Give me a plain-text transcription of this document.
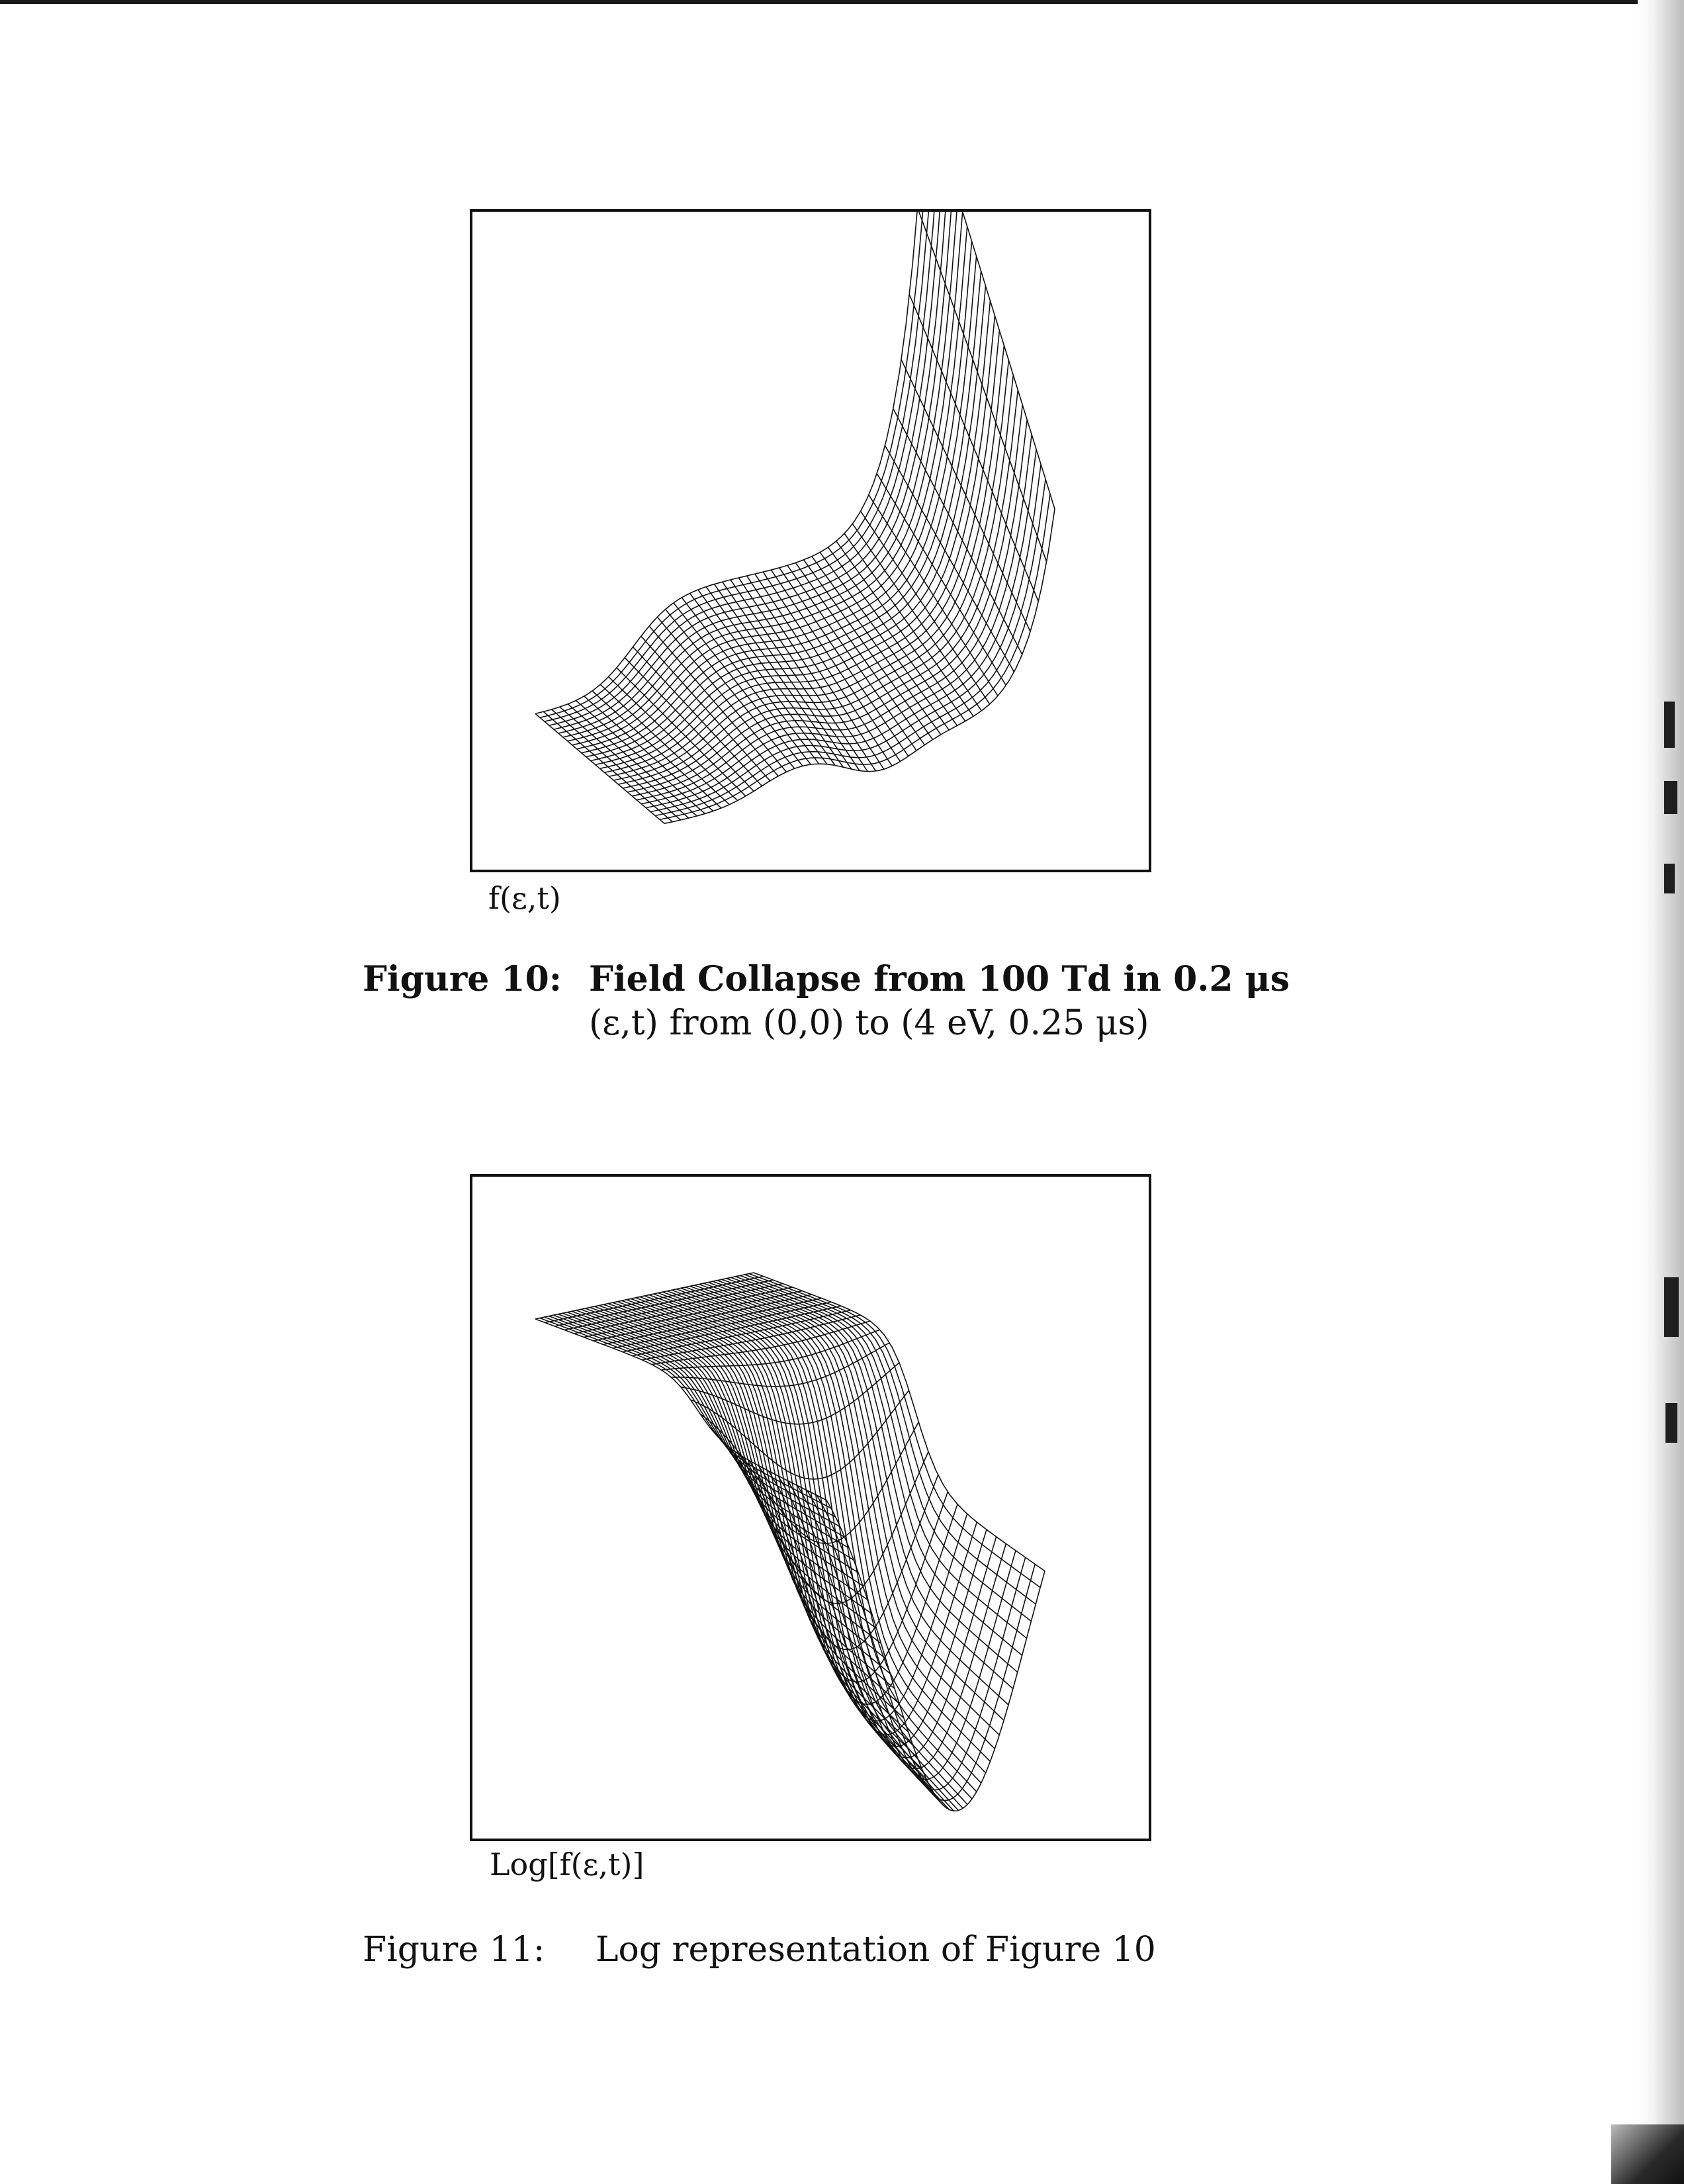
f(ε,t)
Figure 10: Field Collapse from 100 Td in 0.2 μs
(ε,t) from (0,0) to (4 eV, 0.25 μs)
Log[f(ε,t)]
Figure 11: Log representation of Figure 10
